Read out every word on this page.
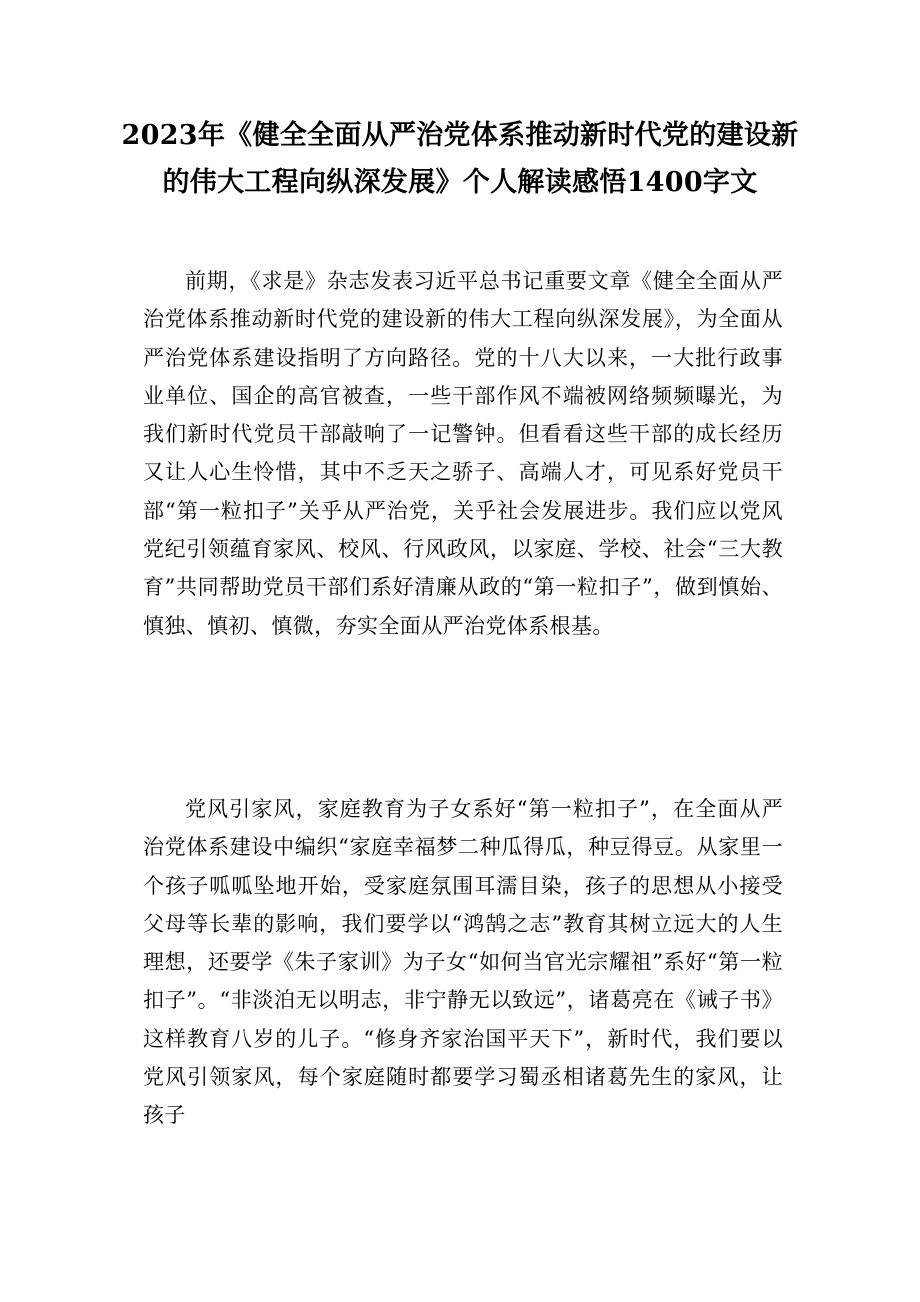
2023年《健全全面从严治党体系推动新时代党的建设新的伟大工程向纵深发展》个人解读感悟1400字文

前期，《求是》杂志发表习近平总书记重要文章《健全全面从严治党体系推动新时代党的建设新的伟大工程向纵深发展》，为全面从严治党体系建设指明了方向路径。党的十八大以来，一大批行政事业单位、国企的高官被查，一些干部作风不端被网络频频曝光，为我们新时代党员干部敲响了一记警钟。但看看这些干部的成长经历又让人心生怜惜，其中不乏天之骄子、高端人才，可见系好党员干部“第一粒扣子”关乎从严治党，关乎社会发展进步。我们应以党风党纪引领蕴育家风、校风、行风政风，以家庭、学校、社会“三大教育”共同帮助党员干部们系好清廉从政的“第一粒扣子”，做到慎始、慎独、慎初、慎微，夯实全面从严治党体系根基。

党风引家风，家庭教育为子女系好“第一粒扣子”，在全面从严治党体系建设中编织“家庭幸福梦二种瓜得瓜，种豆得豆。从家里一个孩子呱呱坠地开始，受家庭氛围耳濡目染，孩子的思想从小接受父母等长辈的影响，我们要学以“鸿鹄之志”教育其树立远大的人生理想，还要学《朱子家训》为子女“如何当官光宗耀祖”系好“第一粒扣子”。“非淡泊无以明志，非宁静无以致远”，诸葛亮在《诫子书》这样教育八岁的儿子。“修身齐家治国平天下”，新时代，我们要以党风引领家风，每个家庭随时都要学习蜀丞相诸葛先生的家风，让孩子
